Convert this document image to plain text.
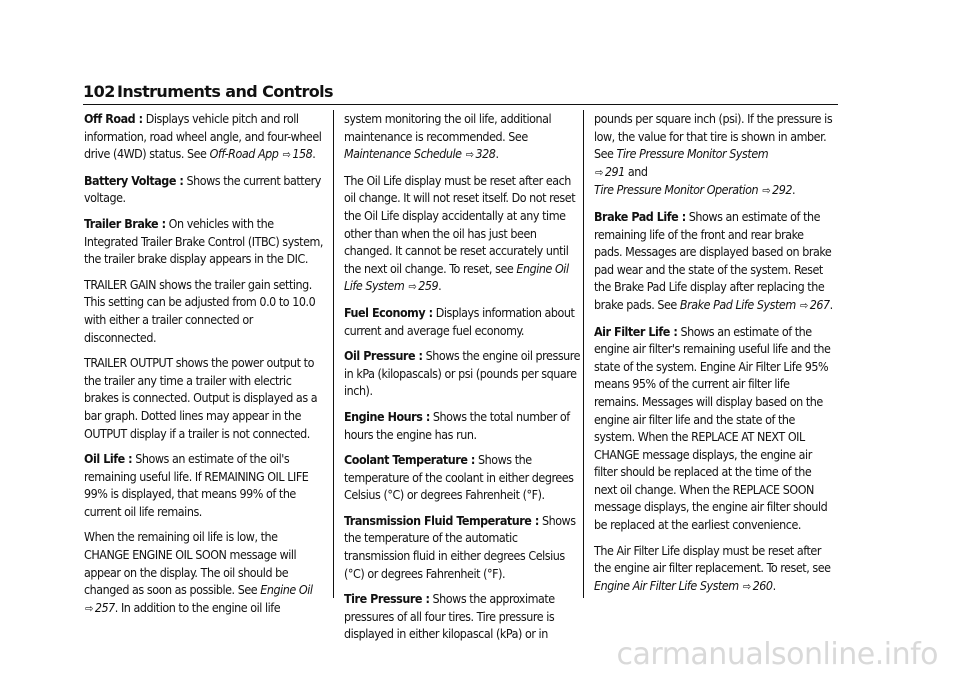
102 Instruments and Controls

Off Road : Displays vehicle pitch and roll information, road wheel angle, and four-wheel drive (4WD) status. See Off-Road App ⇨ 158.

Battery Voltage : Shows the current battery voltage.

Trailer Brake : On vehicles with the Integrated Trailer Brake Control (ITBC) system, the trailer brake display appears in the DIC.

TRAILER GAIN shows the trailer gain setting. This setting can be adjusted from 0.0 to 10.0 with either a trailer connected or disconnected.

TRAILER OUTPUT shows the power output to the trailer any time a trailer with electric brakes is connected. Output is displayed as a bar graph. Dotted lines may appear in the OUTPUT display if a trailer is not connected.

Oil Life : Shows an estimate of the oil's remaining useful life. If REMAINING OIL LIFE 99% is displayed, that means 99% of the current oil life remains.

When the remaining oil life is low, the CHANGE ENGINE OIL SOON message will appear on the display. The oil should be changed as soon as possible. See Engine Oil
⇨ 257. In addition to the engine oil life

system monitoring the oil life, additional maintenance is recommended. See Maintenance Schedule ⇨ 328.

The Oil Life display must be reset after each oil change. It will not reset itself. Do not reset the Oil Life display accidentally at any time other than when the oil has just been changed. It cannot be reset accurately until the next oil change. To reset, see Engine Oil Life System ⇨ 259.

Fuel Economy : Displays information about current and average fuel economy.

Oil Pressure : Shows the engine oil pressure in kPa (kilopascals) or psi (pounds per square inch).

Engine Hours : Shows the total number of hours the engine has run.

Coolant Temperature : Shows the temperature of the coolant in either degrees Celsius (°C) or degrees Fahrenheit (°F).

Transmission Fluid Temperature : Shows the temperature of the automatic transmission fluid in either degrees Celsius (°C) or degrees Fahrenheit (°F).

Tire Pressure : Shows the approximate pressures of all four tires. Tire pressure is displayed in either kilopascal (kPa) or in

pounds per square inch (psi). If the pressure is low, the value for that tire is shown in amber. See Tire Pressure Monitor System
⇨ 291 and
Tire Pressure Monitor Operation ⇨ 292.

Brake Pad Life : Shows an estimate of the remaining life of the front and rear brake pads. Messages are displayed based on brake pad wear and the state of the system. Reset the Brake Pad Life display after replacing the brake pads. See Brake Pad Life System ⇨ 267.

Air Filter Life : Shows an estimate of the engine air filter's remaining useful life and the state of the system. Engine Air Filter Life 95% means 95% of the current air filter life remains. Messages will display based on the engine air filter life and the state of the system. When the REPLACE AT NEXT OIL CHANGE message displays, the engine air filter should be replaced at the time of the next oil change. When the REPLACE SOON message displays, the engine air filter should be replaced at the earliest convenience.

The Air Filter Life display must be reset after the engine air filter replacement. To reset, see Engine Air Filter Life System ⇨ 260.

carmanualsonline.info
